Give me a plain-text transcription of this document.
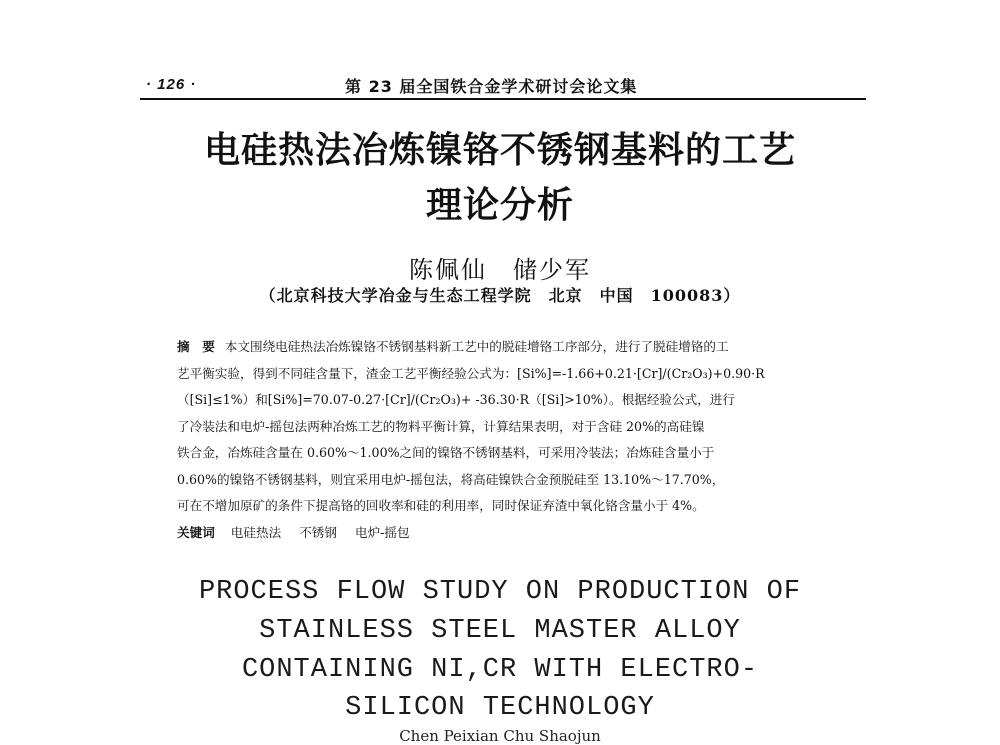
· 126 ·	第 23 届全国铁合金学术研讨会论文集
电硅热法冶炼镍铬不锈钢基料的工艺
理论分析
陈佩仙　储少军
（北京科技大学冶金与生态工程学院　北京　中国　100083）
摘　要 本文围绕电硅热法冶炼镍铬不锈钢基料新工艺中的脱硅增铬工序部分，进行了脱硅增铬的工
艺平衡实验，得到不同硅含量下，渣金工艺平衡经验公式为：[Si%]=-1.66+0.21·[Cr]/(Cr₂O₃)+0.90·R
（[Si]≤1%）和[Si%]=70.07-0.27·[Cr]/(Cr₂O₃)+ -36.30·R（[Si]>10%）。根据经验公式，进行
了冷装法和电炉-摇包法两种冶炼工艺的物料平衡计算，计算结果表明，对于含硅 20%的高硅镍
铁合金，冶炼硅含量在 0.60%～1.00%之间的镍铬不锈钢基料，可采用冷装法；冶炼硅含量小于
0.60%的镍铬不锈钢基料，则宜采用电炉-摇包法，将高硅镍铁合金预脱硅至 13.10%～17.70%，
可在不增加原矿的条件下提高铬的回收率和硅的利用率，同时保证弃渣中氧化铬含量小于 4%。
关键词 电硅热法 不锈钢 电炉-摇包
PROCESS FLOW STUDY ON PRODUCTION OF
STAINLESS STEEL MASTER ALLOY
CONTAINING NI,CR WITH ELECTRO-
SILICON TECHNOLOGY
Chen Peixian Chu Shaojun
